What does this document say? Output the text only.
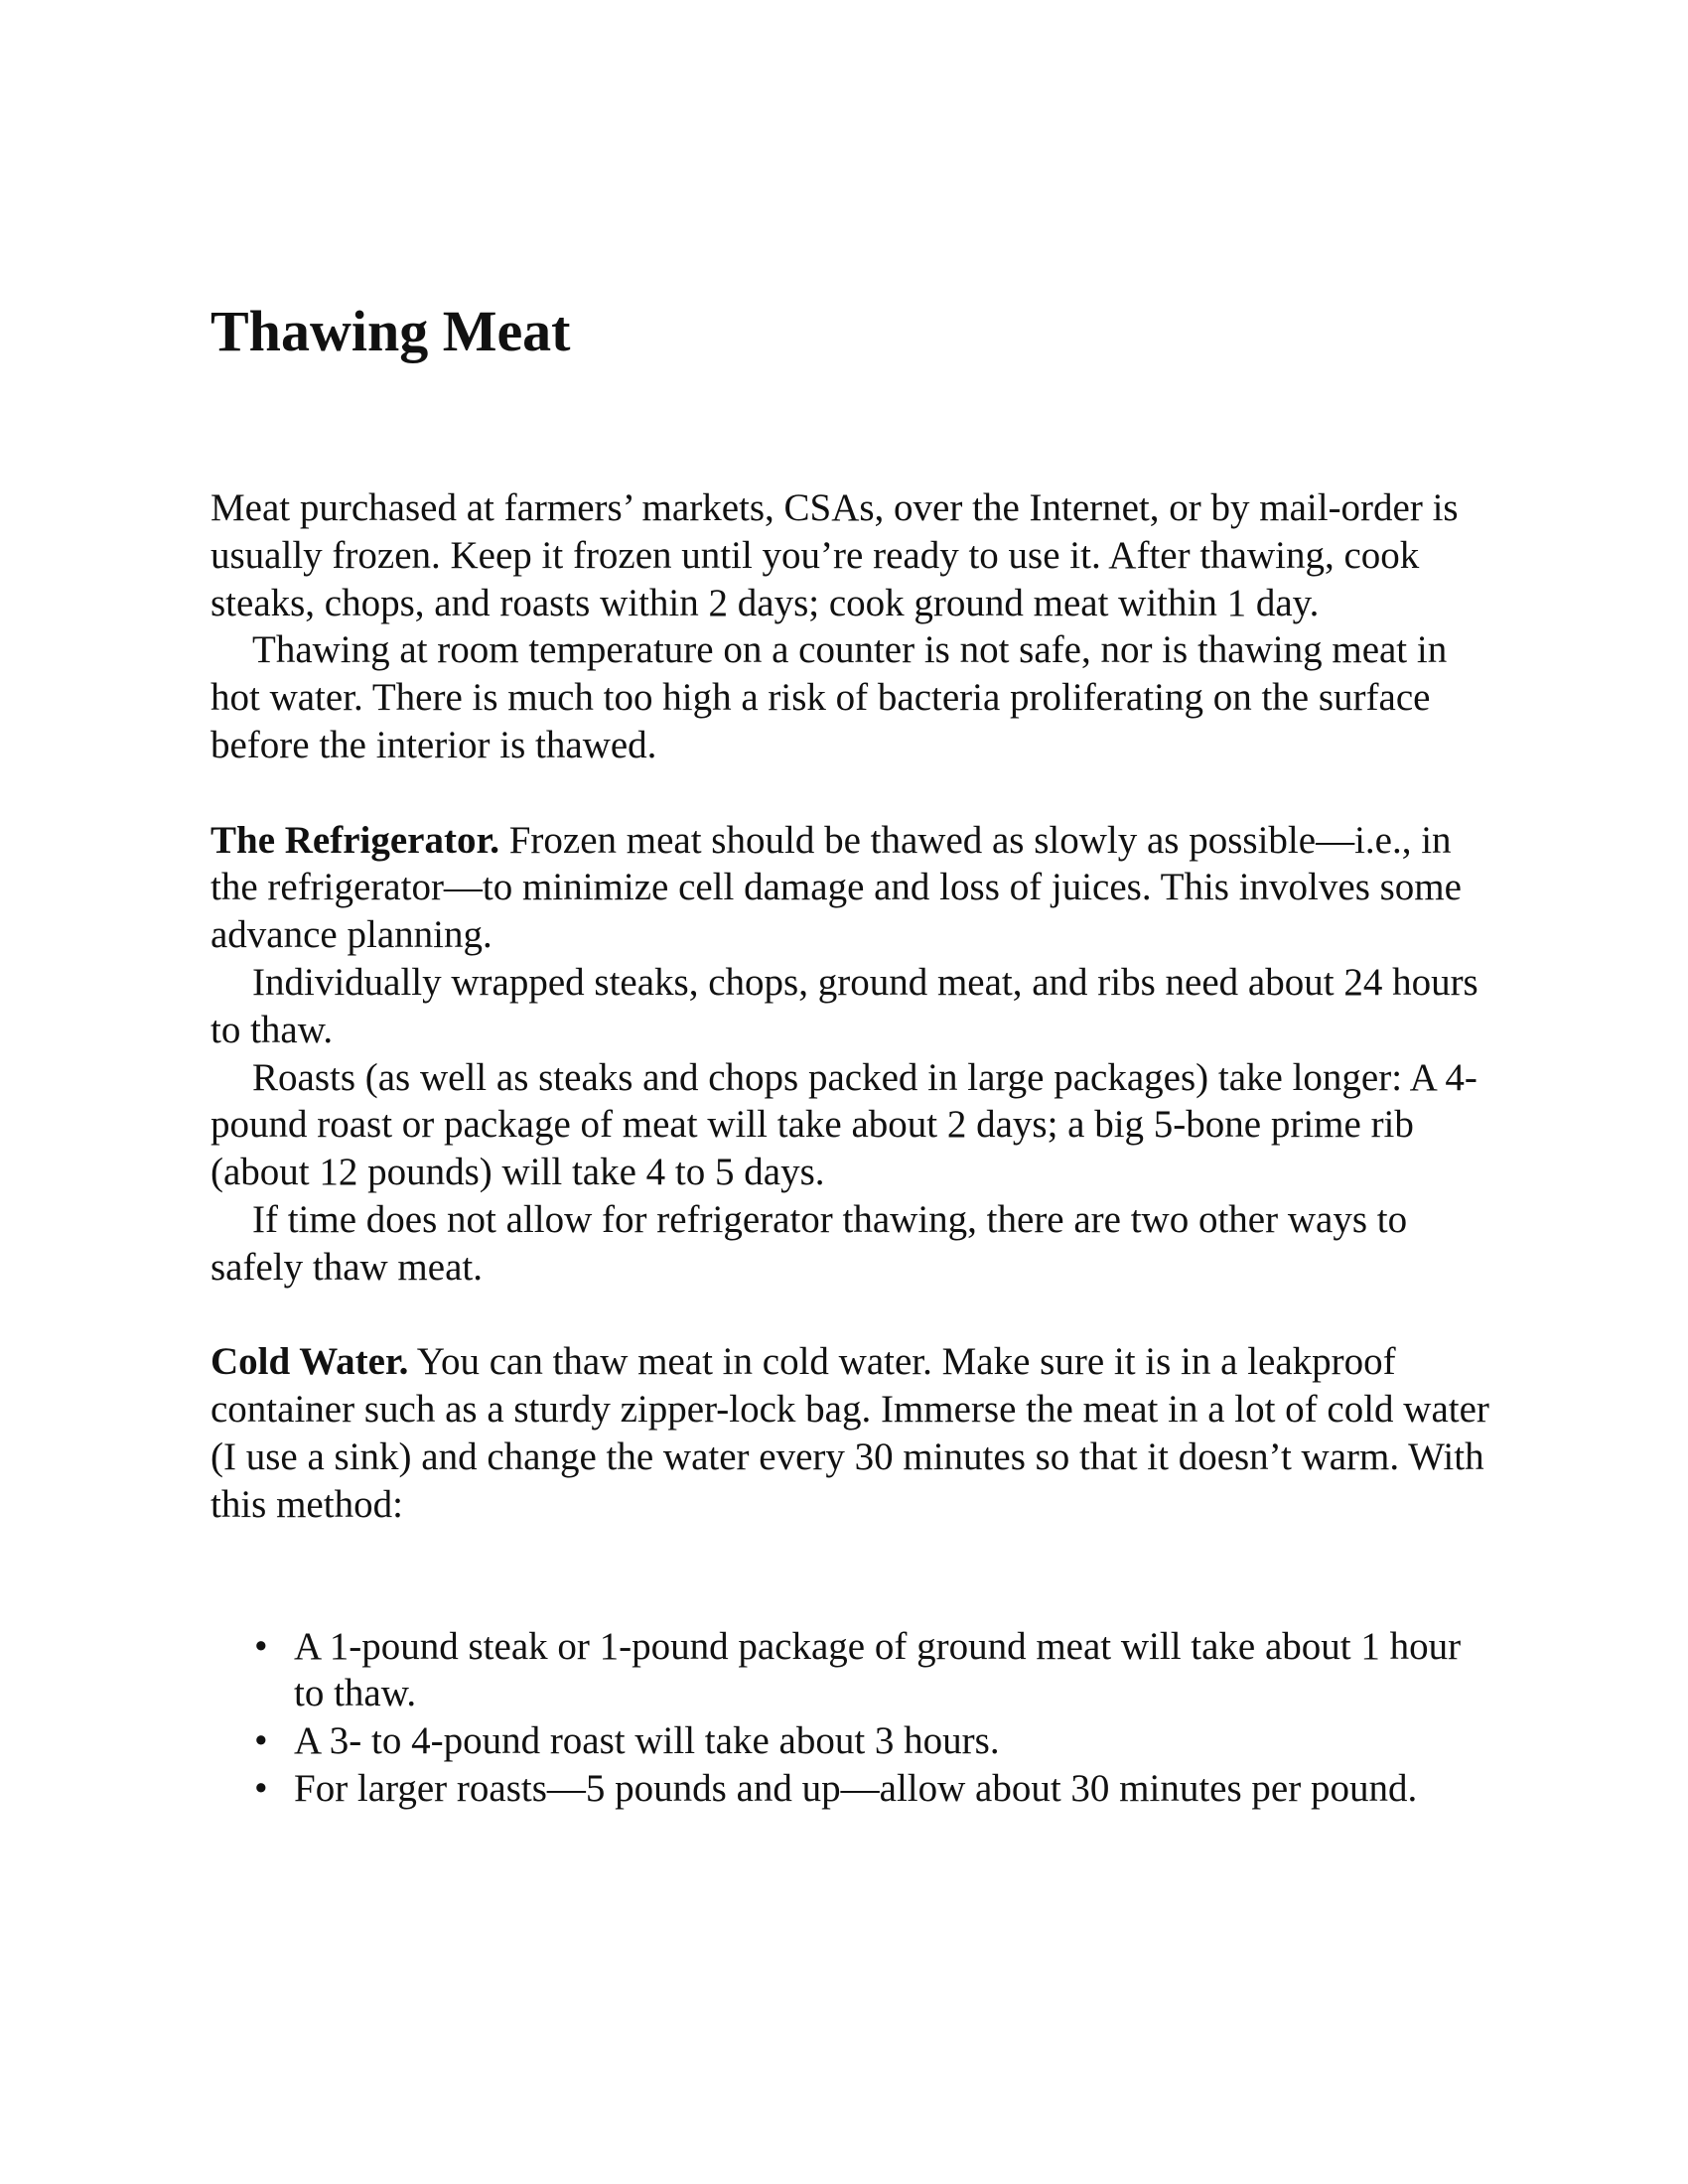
Thawing Meat

Meat purchased at farmers’ markets, CSAs, over the Internet, or by mail-order is usually frozen. Keep it frozen until you’re ready to use it. After thawing, cook steaks, chops, and roasts within 2 days; cook ground meat within 1 day.

Thawing at room temperature on a counter is not safe, nor is thawing meat in hot water. There is much too high a risk of bacteria proliferating on the surface before the interior is thawed.

The Refrigerator. Frozen meat should be thawed as slowly as possible—i.e., in the refrigerator—to minimize cell damage and loss of juices. This involves some advance planning.

Individually wrapped steaks, chops, ground meat, and ribs need about 24 hours to thaw.

Roasts (as well as steaks and chops packed in large packages) take longer: A 4-pound roast or package of meat will take about 2 days; a big 5-bone prime rib (about 12 pounds) will take 4 to 5 days.

If time does not allow for refrigerator thawing, there are two other ways to safely thaw meat.

Cold Water. You can thaw meat in cold water. Make sure it is in a leakproof container such as a sturdy zipper-lock bag. Immerse the meat in a lot of cold water (I use a sink) and change the water every 30 minutes so that it doesn’t warm. With this method:

• A 1-pound steak or 1-pound package of ground meat will take about 1 hour to thaw.
• A 3- to 4-pound roast will take about 3 hours.
• For larger roasts—5 pounds and up—allow about 30 minutes per pound.
